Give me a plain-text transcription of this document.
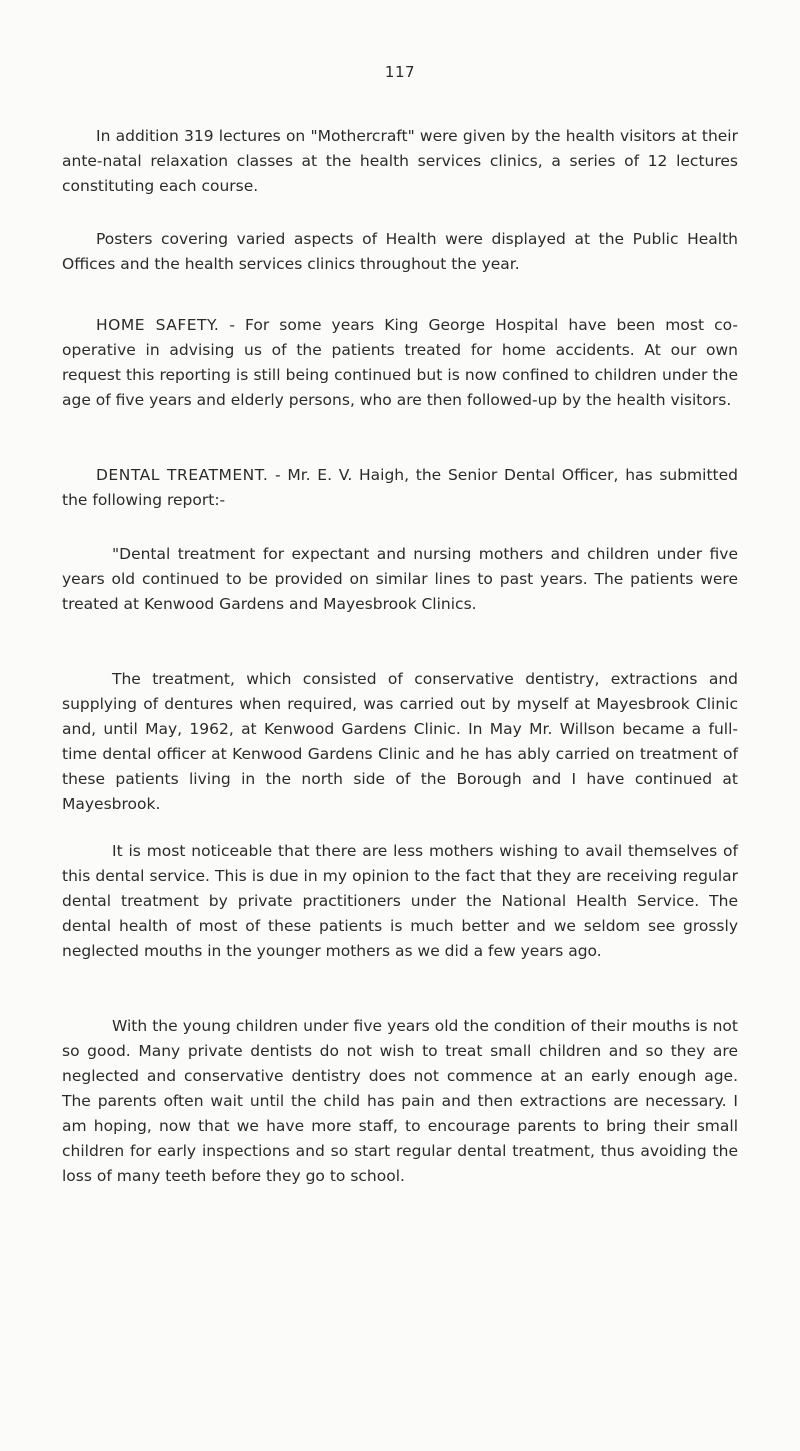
117

In addition 319 lectures on "Mothercraft" were given by the health visitors at their ante-natal relaxation classes at the health services clinics, a series of 12 lectures constituting each course.

Posters covering varied aspects of Health were displayed at the Public Health Offices and the health services clinics throughout the year.

HOME SAFETY. - For some years King George Hospital have been most co-operative in advising us of the patients treated for home accidents. At our own request this reporting is still being continued but is now confined to children under the age of five years and elderly persons, who are then followed-up by the health visitors.

DENTAL TREATMENT. - Mr. E. V. Haigh, the Senior Dental Officer, has submitted the following report:-

"Dental treatment for expectant and nursing mothers and children under five years old continued to be provided on similar lines to past years. The patients were treated at Kenwood Gardens and Mayesbrook Clinics.

The treatment, which consisted of conservative dentistry, extractions and supplying of dentures when required, was carried out by myself at Mayesbrook Clinic and, until May, 1962, at Kenwood Gardens Clinic. In May Mr. Willson became a full-time dental officer at Kenwood Gardens Clinic and he has ably carried on treatment of these patients living in the north side of the Borough and I have continued at Mayesbrook.

It is most noticeable that there are less mothers wishing to avail themselves of this dental service. This is due in my opinion to the fact that they are receiving regular dental treatment by private practitioners under the National Health Service. The dental health of most of these patients is much better and we seldom see grossly neglected mouths in the younger mothers as we did a few years ago.

With the young children under five years old the condition of their mouths is not so good. Many private dentists do not wish to treat small children and so they are neglected and conservative dentistry does not commence at an early enough age. The parents often wait until the child has pain and then extractions are necessary. I am hoping, now that we have more staff, to encourage parents to bring their small children for early inspections and so start regular dental treatment, thus avoiding the loss of many teeth before they go to school.
